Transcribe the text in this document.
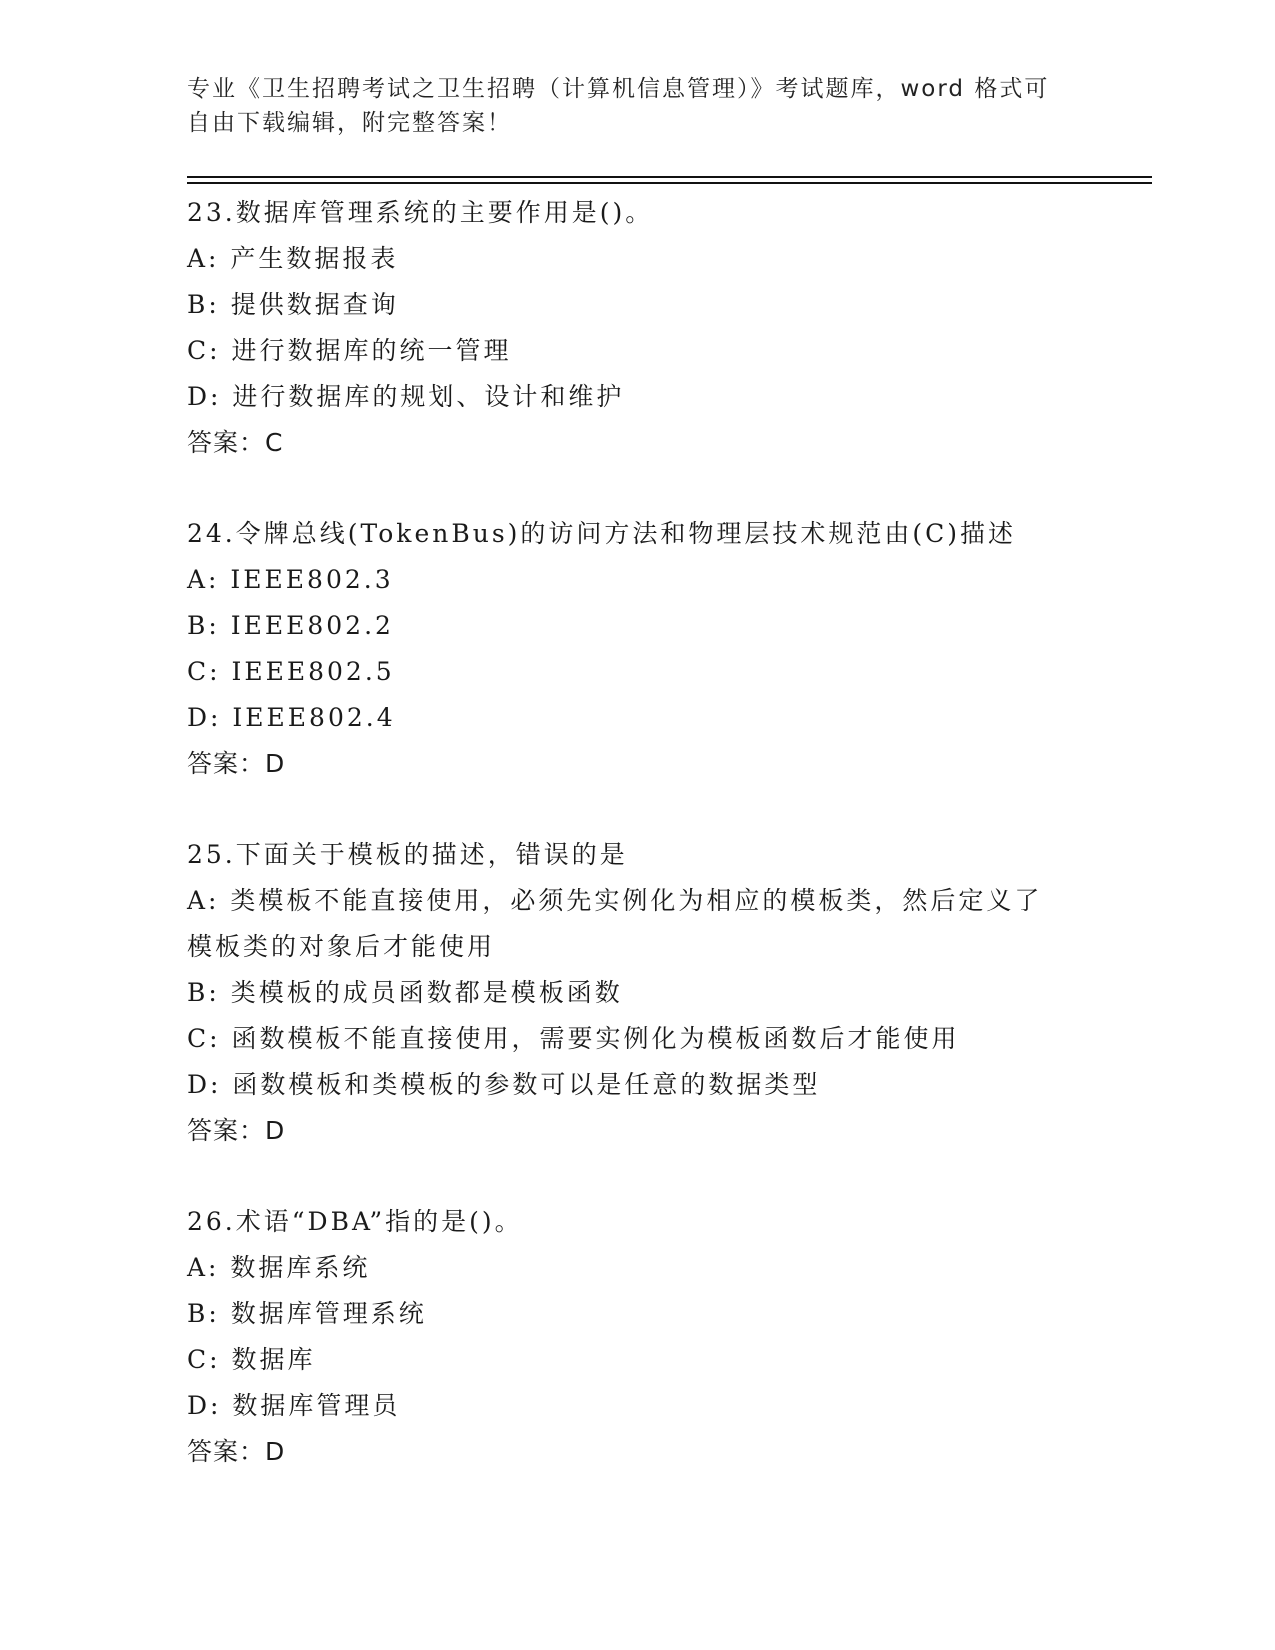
专业《卫生招聘考试之卫生招聘（计算机信息管理）》考试题库，word 格式可自由下载编辑，附完整答案！
23.数据库管理系统的主要作用是()。
A: 产生数据报表
B: 提供数据查询
C: 进行数据库的统一管理
D: 进行数据库的规划、设计和维护
答案：C
24.令牌总线(TokenBus)的访问方法和物理层技术规范由(C)描述
A: IEEE802.3
B: IEEE802.2
C: IEEE802.5
D: IEEE802.4
答案：D
25.下面关于模板的描述，错误的是
A: 类模板不能直接使用，必须先实例化为相应的模板类，然后定义了模板类的对象后才能使用
B: 类模板的成员函数都是模板函数
C: 函数模板不能直接使用，需要实例化为模板函数后才能使用
D: 函数模板和类模板的参数可以是任意的数据类型
答案：D
26.术语“DBA”指的是()。
A: 数据库系统
B: 数据库管理系统
C: 数据库
D: 数据库管理员
答案：D
